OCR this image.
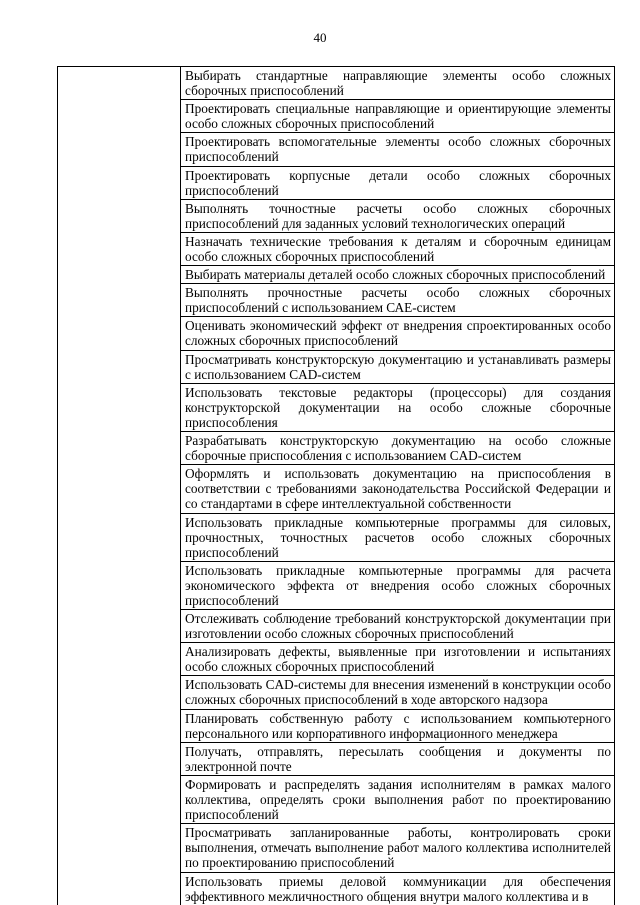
40
	Выбирать стандартные направляющие элементы особо сложных сборочных приспособлений
Проектировать специальные направляющие и ориентирующие элементы особо сложных сборочных приспособлений
Проектировать вспомогательные элементы особо сложных сборочных приспособлений
Проектировать корпусные детали особо сложных сборочных приспособлений
Выполнять точностные расчеты особо сложных сборочных приспособлений для заданных условий технологических операций
Назначать технические требования к деталям и сборочным единицам особо сложных сборочных приспособлений
Выбирать материалы деталей особо сложных сборочных приспособлений
Выполнять прочностные расчеты особо сложных сборочных приспособлений с использованием САЕ-систем
Оценивать экономический эффект от внедрения спроектированных особо сложных сборочных приспособлений
Просматривать конструкторскую документацию и устанавливать размеры с использованием CAD-систем
Использовать текстовые редакторы (процессоры) для создания конструкторской документации на особо сложные сборочные приспособления
Разрабатывать конструкторскую документацию на особо сложные сборочные приспособления с использованием CAD-систем
Оформлять и использовать документацию на приспособления в соответствии с требованиями законодательства Российской Федерации и со стандартами в сфере интеллектуальной собственности
Использовать прикладные компьютерные программы для силовых, прочностных, точностных расчетов особо сложных сборочных приспособлений
Использовать прикладные компьютерные программы для расчета экономического эффекта от внедрения особо сложных сборочных приспособлений
Отслеживать соблюдение требований конструкторской документации при изготовлении особо сложных сборочных приспособлений
Анализировать дефекты, выявленные при изготовлении и испытаниях особо сложных сборочных приспособлений
Использовать CAD-системы для внесения изменений в конструкции особо сложных сборочных приспособлений в ходе авторского надзора
Планировать собственную работу с использованием компьютерного персонального или корпоративного информационного менеджера
Получать, отправлять, пересылать сообщения и документы по электронной почте
Формировать и распределять задания исполнителям в рамках малого коллектива, определять сроки выполнения работ по проектированию приспособлений
Просматривать запланированные работы, контролировать сроки выполнения, отмечать выполнение работ малого коллектива исполнителей по проектированию приспособлений
Использовать приемы деловой коммуникации для обеспечения эффективного межличностного общения внутри малого коллектива и в
